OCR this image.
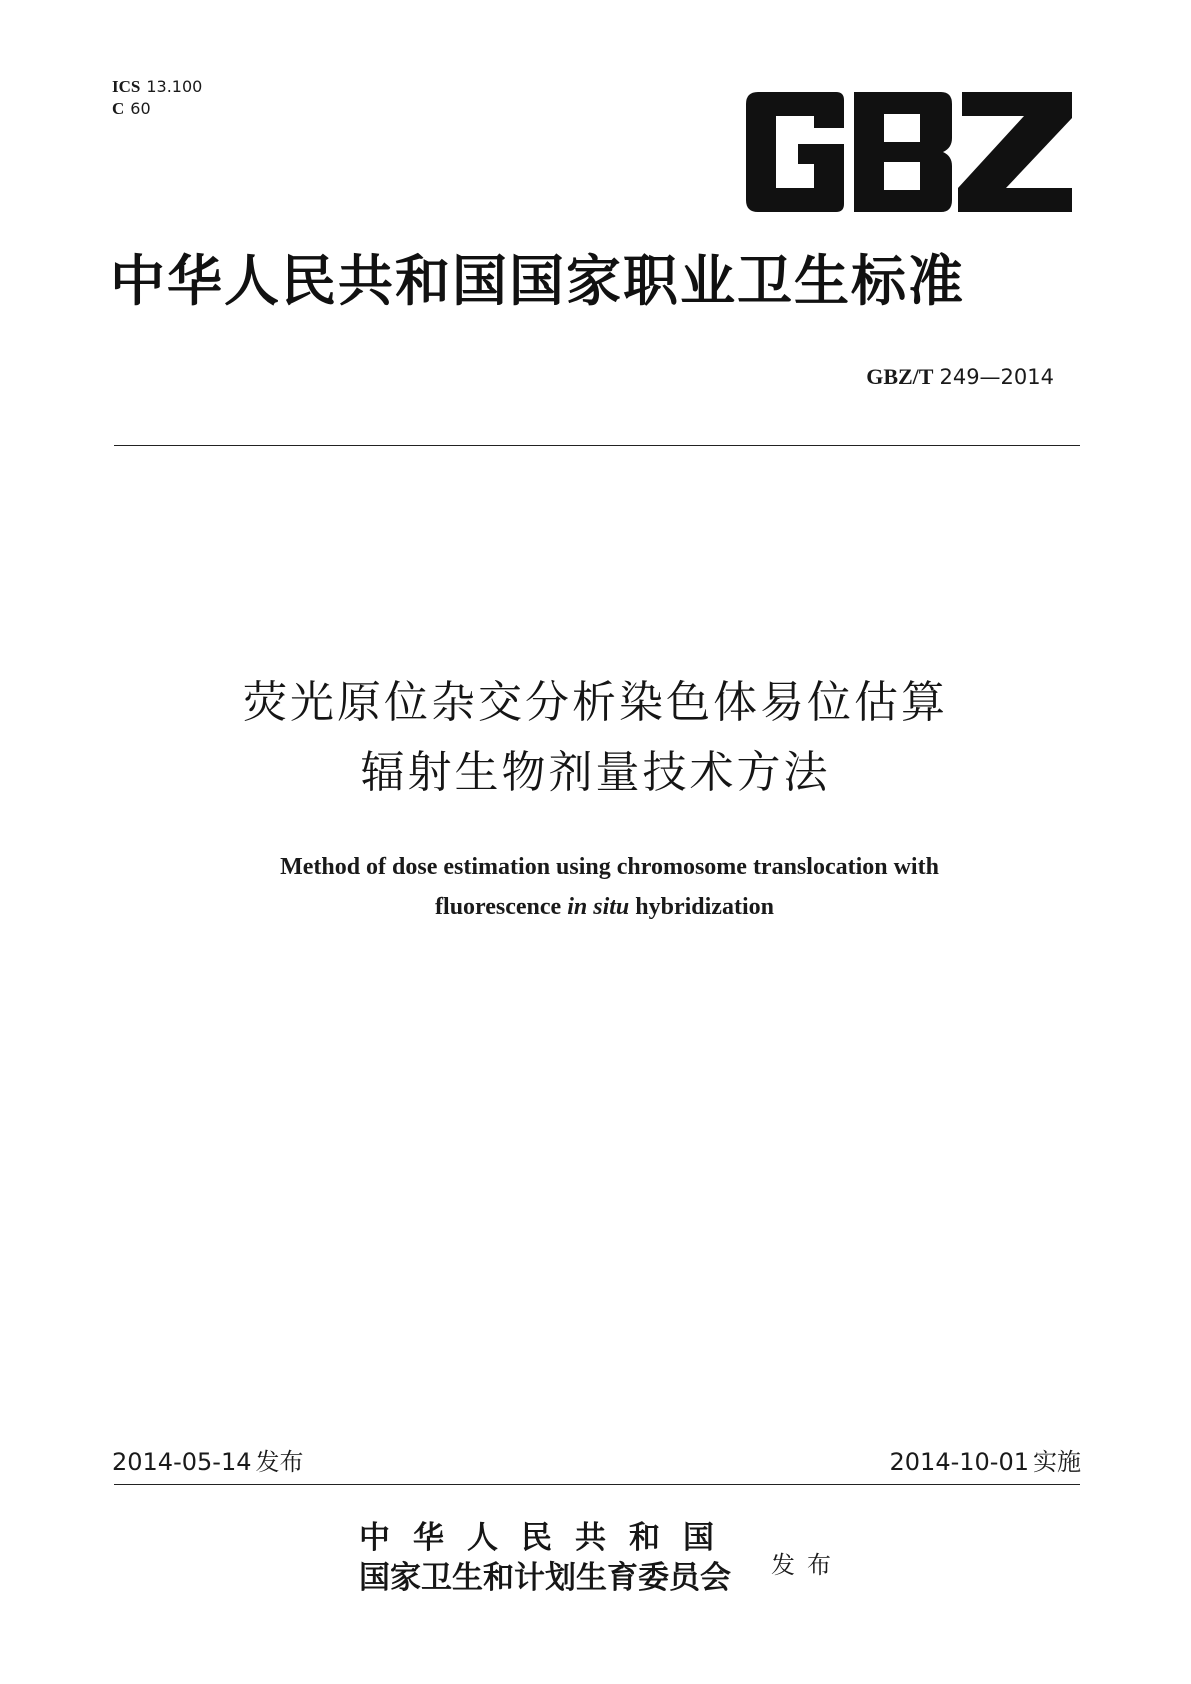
ICS 13.100
C 60
中华人民共和国国家职业卫生标准
GBZ/T 249—2014
荧光原位杂交分析染色体易位估算
辐射生物剂量技术方法
Method of dose estimation using chromosome translocation with
fluorescence in situ hybridization
2014-05-14 发布	2014-10-01 实施
中华人民共和国
国家卫生和计划生育委员会 发布
